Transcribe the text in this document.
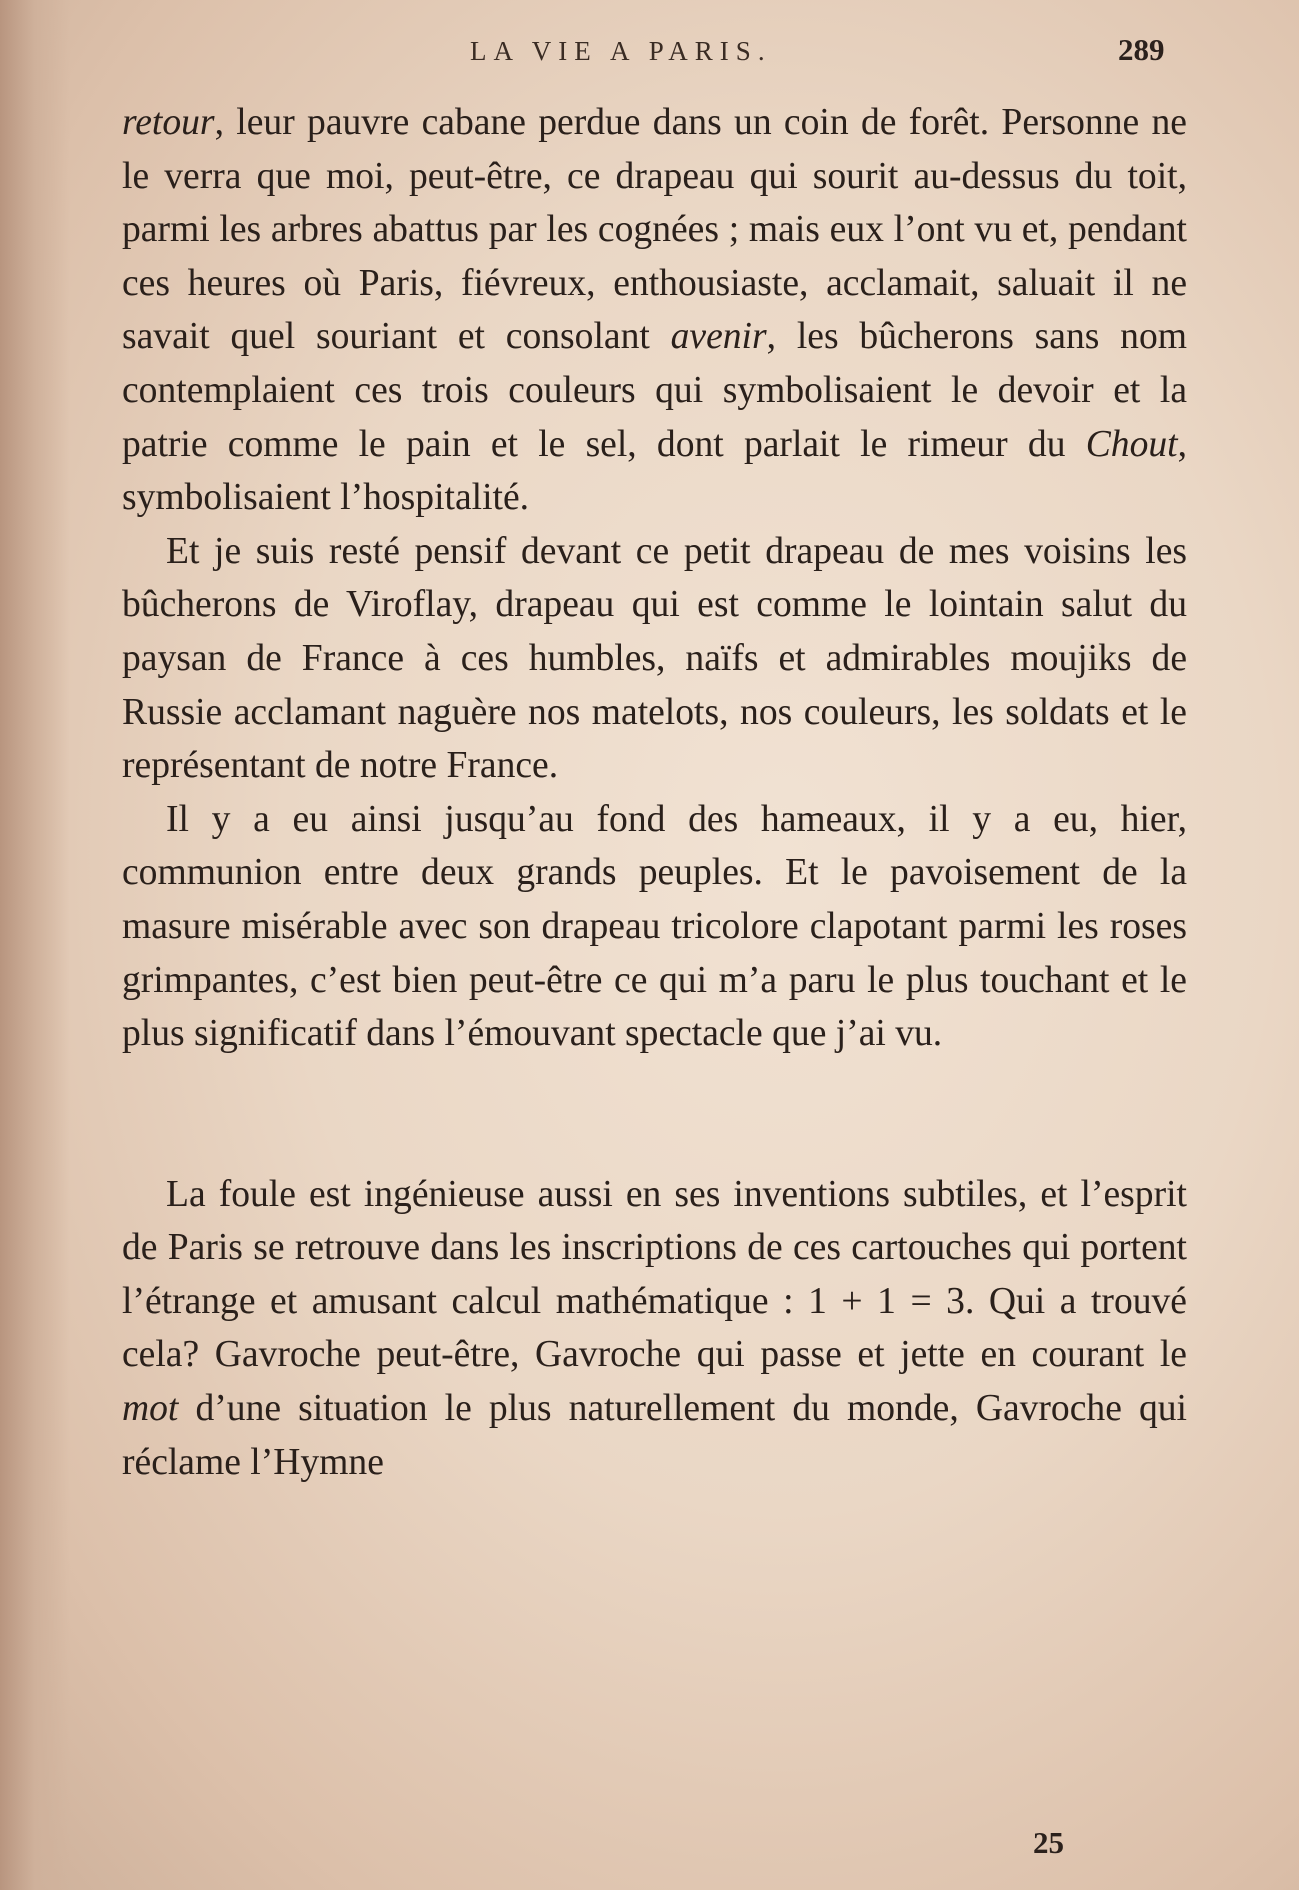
LA VIE A PARIS.	289

retour, leur pauvre cabane perdue dans un coin de forêt. Personne ne le verra que moi, peut-être, ce drapeau qui sourit au-dessus du toit, parmi les arbres abattus par les cognées ; mais eux l’ont vu et, pendant ces heures où Paris, fiévreux, enthousiaste, acclamait, saluait il ne savait quel souriant et consolant avenir, les bûcherons sans nom contemplaient ces trois couleurs qui symbolisaient le devoir et la patrie comme le pain et le sel, dont parlait le rimeur du Chout, symbolisaient l’hospitalité.

Et je suis resté pensif devant ce petit drapeau de mes voisins les bûcherons de Viroflay, drapeau qui est comme le lointain salut du paysan de France à ces humbles, naïfs et admirables moujiks de Russie acclamant naguère nos matelots, nos couleurs, les soldats et le représentant de notre France.

Il y a eu ainsi jusqu’au fond des hameaux, il y a eu, hier, communion entre deux grands peuples. Et le pavoisement de la masure misérable avec son drapeau tricolore clapotant parmi les roses grimpantes, c’est bien peut-être ce qui m’a paru le plus touchant et le plus significatif dans l’émouvant spectacle que j’ai vu.

La foule est ingénieuse aussi en ses inventions subtiles, et l’esprit de Paris se retrouve dans les inscriptions de ces cartouches qui portent l’étrange et amusant calcul mathématique : 1 + 1 = 3. Qui a trouvé cela? Gavroche peut-être, Gavroche qui passe et jette en courant le mot d’une situation le plus naturellement du monde, Gavroche qui réclame l’Hymne

25
